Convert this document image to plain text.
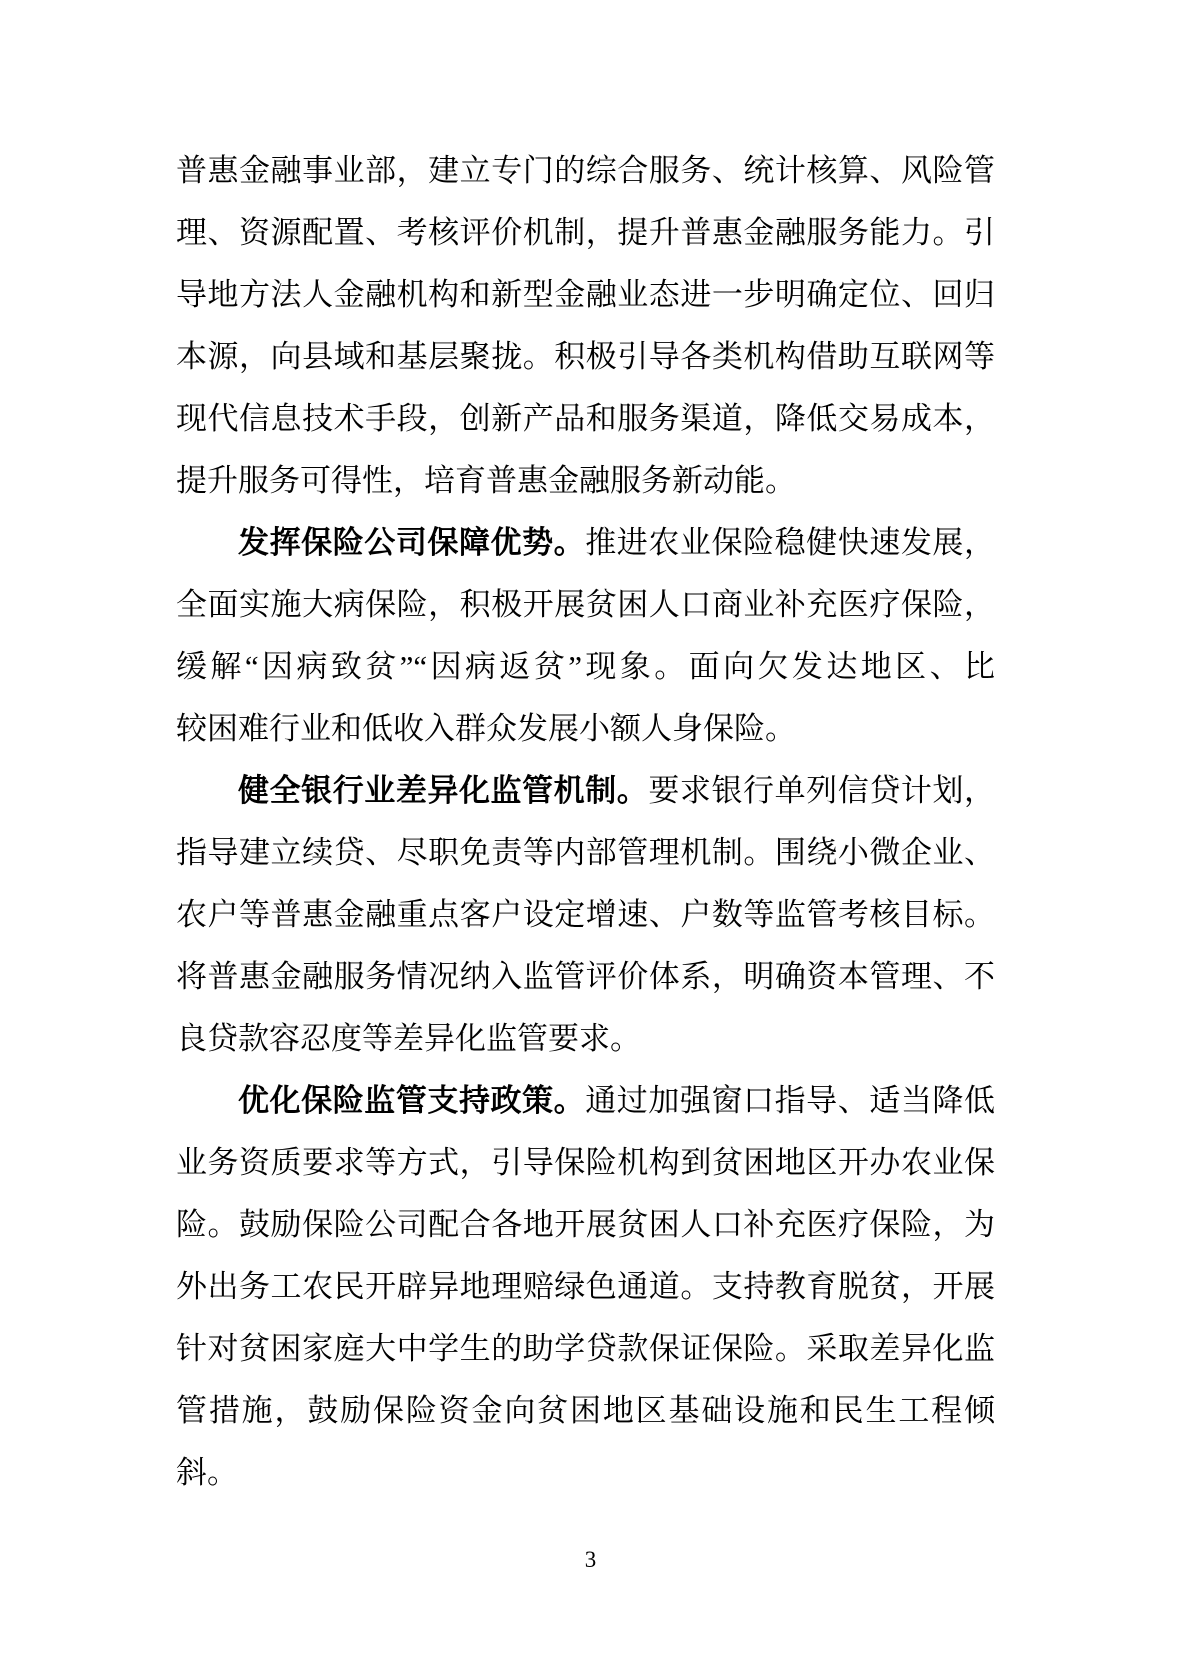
普惠金融事业部，建立专门的综合服务、统计核算、风险管
理、资源配置、考核评价机制，提升普惠金融服务能力。引
导地方法人金融机构和新型金融业态进一步明确定位、回归
本源，向县域和基层聚拢。积极引导各类机构借助互联网等
现代信息技术手段，创新产品和服务渠道，降低交易成本，
提升服务可得性，培育普惠金融服务新动能。
发挥保险公司保障优势。推进农业保险稳健快速发展，
全面实施大病保险，积极开展贫困人口商业补充医疗保险，
缓解“因病致贫”“因病返贫”现象。面向欠发达地区、比
较困难行业和低收入群众发展小额人身保险。
健全银行业差异化监管机制。要求银行单列信贷计划，
指导建立续贷、尽职免责等内部管理机制。围绕小微企业、
农户等普惠金融重点客户设定增速、户数等监管考核目标。
将普惠金融服务情况纳入监管评价体系，明确资本管理、不
良贷款容忍度等差异化监管要求。
优化保险监管支持政策。通过加强窗口指导、适当降低
业务资质要求等方式，引导保险机构到贫困地区开办农业保
险。鼓励保险公司配合各地开展贫困人口补充医疗保险，为
外出务工农民开辟异地理赔绿色通道。支持教育脱贫，开展
针对贫困家庭大中学生的助学贷款保证保险。采取差异化监
管措施，鼓励保险资金向贫困地区基础设施和民生工程倾
斜。
3
